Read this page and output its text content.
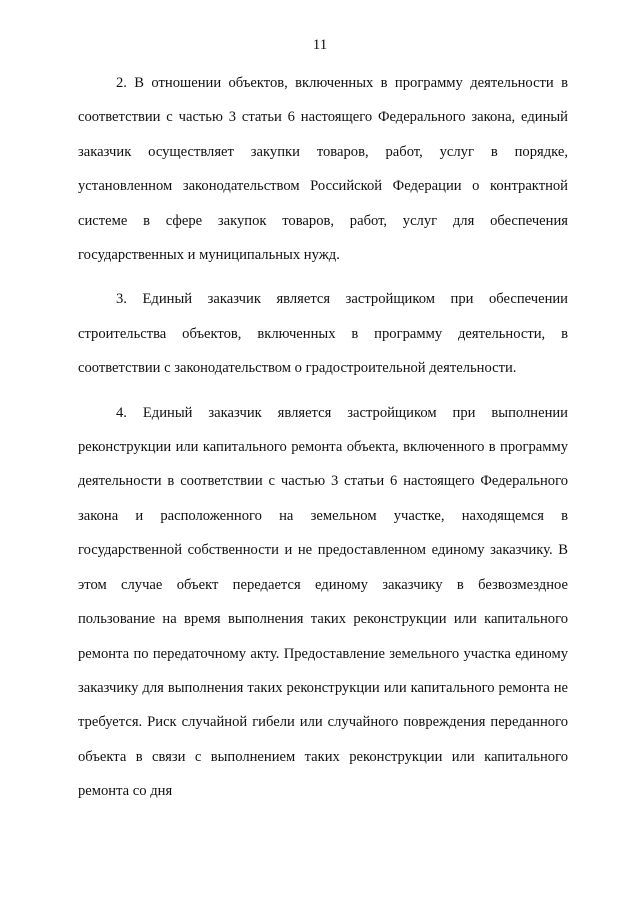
11

2. В отношении объектов, включенных в программу деятельности в соответствии с частью 3 статьи 6 настоящего Федерального закона, единый заказчик осуществляет закупки товаров, работ, услуг в порядке, установленном законодательством Российской Федерации о контрактной системе в сфере закупок товаров, работ, услуг для обеспечения государственных и муниципальных нужд.

3. Единый заказчик является застройщиком при обеспечении строительства объектов, включенных в программу деятельности, в соответствии с законодательством о градостроительной деятельности.

4. Единый заказчик является застройщиком при выполнении реконструкции или капитального ремонта объекта, включенного в программу деятельности в соответствии с частью 3 статьи 6 настоящего Федерального закона и расположенного на земельном участке, находящемся в государственной собственности и не предоставленном единому заказчику. В этом случае объект передается единому заказчику в безвозмездное пользование на время выполнения таких реконструкции или капитального ремонта по передаточному акту. Предоставление земельного участка единому заказчику для выполнения таких реконструкции или капитального ремонта не требуется. Риск случайной гибели или случайного повреждения переданного объекта в связи с выполнением таких реконструкции или капитального ремонта со дня
